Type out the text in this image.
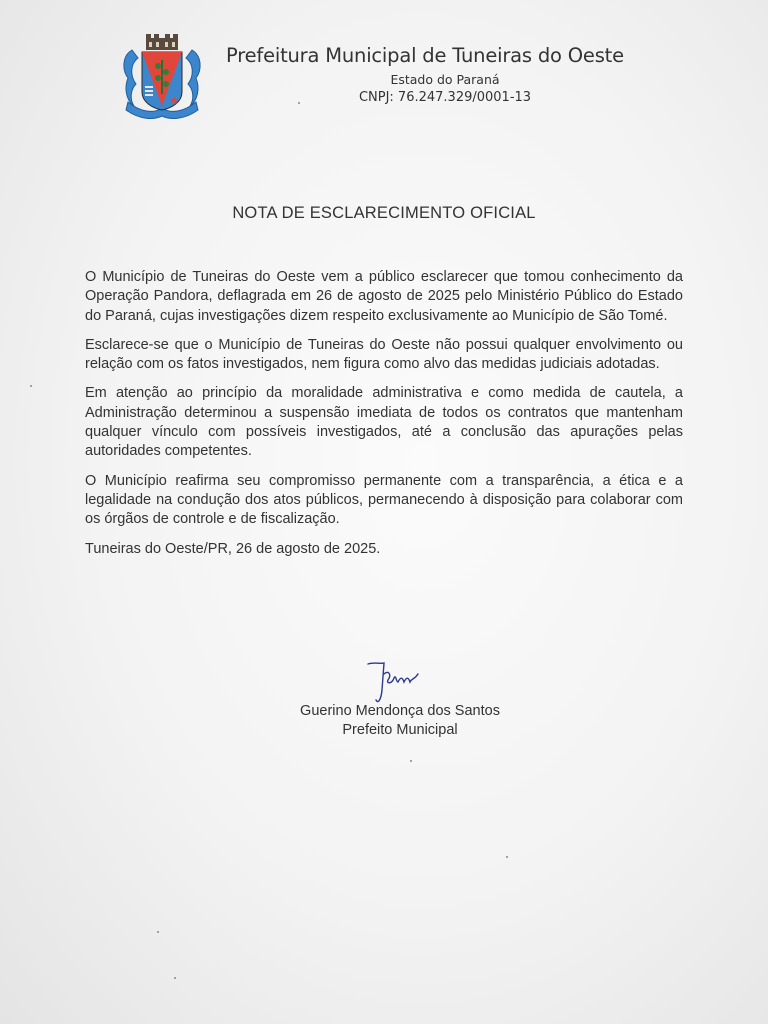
Prefeitura Municipal de Tuneiras do Oeste
Estado do Paraná
CNPJ: 76.247.329/0001-13
NOTA DE ESCLARECIMENTO OFICIAL

O Município de Tuneiras do Oeste vem a público esclarecer que tomou conhecimento da Operação Pandora, deflagrada em 26 de agosto de 2025 pelo Ministério Público do Estado do Paraná, cujas investigações dizem respeito exclusivamente ao Município de São Tomé.

Esclarece-se que o Município de Tuneiras do Oeste não possui qualquer envolvimento ou relação com os fatos investigados, nem figura como alvo das medidas judiciais adotadas.

Em atenção ao princípio da moralidade administrativa e como medida de cautela, a Administração determinou a suspensão imediata de todos os contratos que mantenham qualquer vínculo com possíveis investigados, até a conclusão das apurações pelas autoridades competentes.

O Município reafirma seu compromisso permanente com a transparência, a ética e a legalidade na condução dos atos públicos, permanecendo à disposição para colaborar com os órgãos de controle e de fiscalização.

Tuneiras do Oeste/PR, 26 de agosto de 2025.
Guerino Mendonça dos Santos
Prefeito Municipal
